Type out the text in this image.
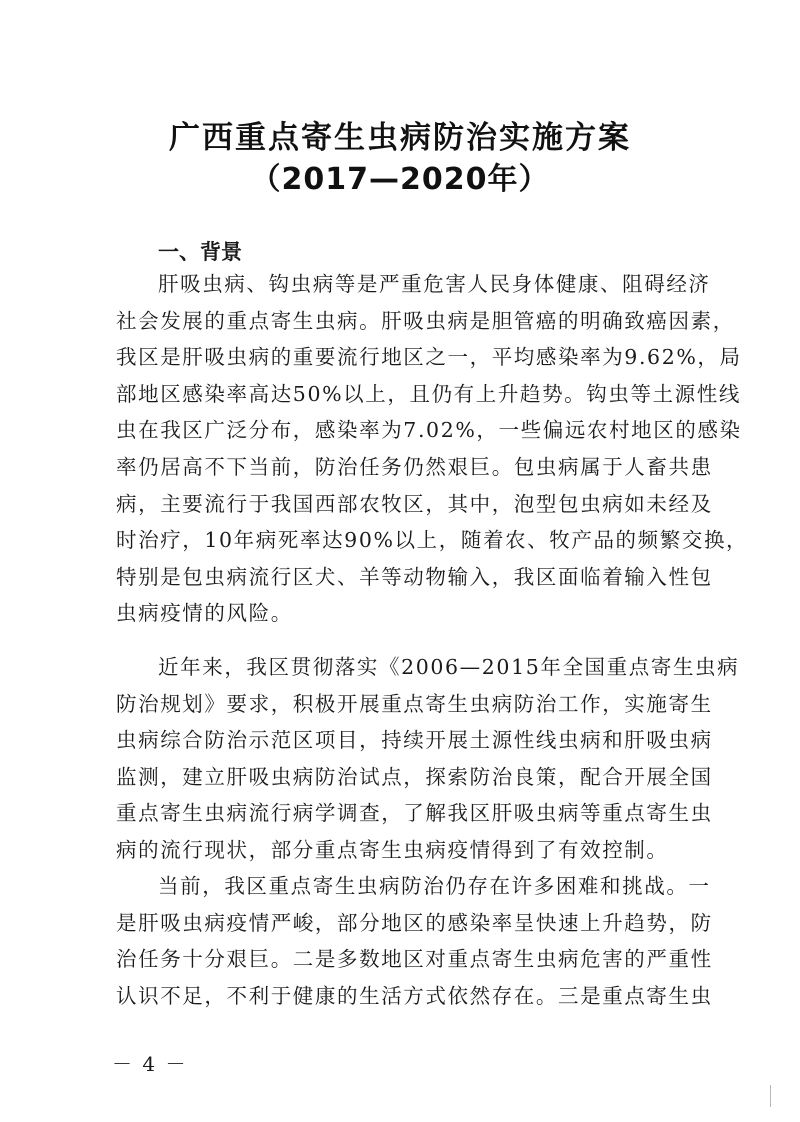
广西重点寄生虫病防治实施方案
（2017—2020年）
一、背景
肝吸虫病、钩虫病等是严重危害人民身体健康、阻碍经济
社会发展的重点寄生虫病。肝吸虫病是胆管癌的明确致癌因素，
我区是肝吸虫病的重要流行地区之一，平均感染率为9.62%，局
部地区感染率高达50%以上，且仍有上升趋势。钩虫等土源性线
虫在我区广泛分布，感染率为7.02%，一些偏远农村地区的感染
率仍居高不下当前，防治任务仍然艰巨。包虫病属于人畜共患
病，主要流行于我国西部农牧区，其中，泡型包虫病如未经及
时治疗，10年病死率达90%以上，随着农、牧产品的频繁交换，
特别是包虫病流行区犬、羊等动物输入，我区面临着输入性包
虫病疫情的风险。
近年来，我区贯彻落实《2006—2015年全国重点寄生虫病
防治规划》要求，积极开展重点寄生虫病防治工作，实施寄生
虫病综合防治示范区项目，持续开展土源性线虫病和肝吸虫病
监测，建立肝吸虫病防治试点，探索防治良策，配合开展全国
重点寄生虫病流行病学调查，了解我区肝吸虫病等重点寄生虫
病的流行现状，部分重点寄生虫病疫情得到了有效控制。
当前，我区重点寄生虫病防治仍存在许多困难和挑战。一
是肝吸虫病疫情严峻，部分地区的感染率呈快速上升趋势，防
治任务十分艰巨。二是多数地区对重点寄生虫病危害的严重性
认识不足，不利于健康的生活方式依然存在。三是重点寄生虫
－ 4 －
